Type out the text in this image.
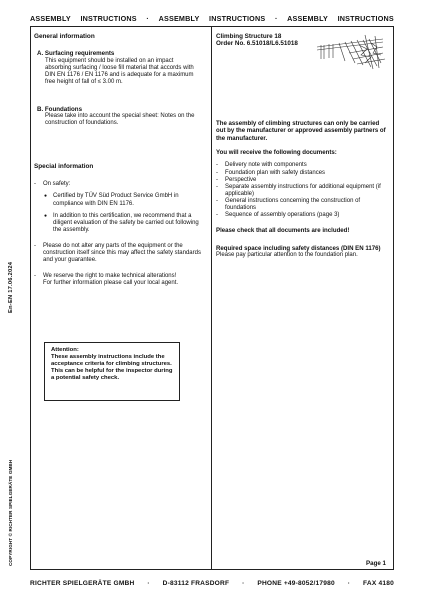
ASSEMBLY INSTRUCTIONS · ASSEMBLY INSTRUCTIONS · ASSEMBLY INSTRUCTIONS
En-EN 17.06.2024
COPYRIGHT © RICHTER SPIELGERÄTE GMBH
General information
A. Surfacing requirements
This equipment should be installed on an impact absorbing surfacing / loose fill material that accords with DIN EN 1176 / EN 1176 and is adequate for a maximum free height of fall of ≤ 3.00 m.
B. Foundations
Please take into account the special sheet: Notes on the construction of foundations.
Special information
-	On safety:
● Certified by TÜV Süd Product Service GmbH in compliance with DIN EN 1176.
● In addition to this certification, we recommend that a diligent evaluation of the safety be carried out following the assembly.
-	Please do not alter any parts of the equipment or the construction itself since this may affect the safety standards and your guarantee.
-	We reserve the right to make technical alterations!
For further information please call your local agent.
Attention:
These assembly instructions include the acceptance criteria for climbing structures.
This can be helpful for the inspector during a potential safety check.
Climbing Structure 18
Order No. 6.51018/L6.51018
The assembly of climbing structures can only be carried out by the manufacturer or approved assembly partners of the manufacturer.
You will receive the following documents:
-	Delivery note with components
-	Foundation plan with safety distances
-	Perspective
-	Separate assembly instructions for additional equipment (if applicable)
-	General instructions concerning the construction of foundations
-	Sequence of assembly operations (page 3)
Please check that all documents are included!
Required space including safety distances (DIN EN 1176)
Please pay particular attention to the foundation plan.
Page 1
RICHTER SPIELGERÄTE GMBH · D-83112 FRASDORF · PHONE +49-8052/17980 · FAX 4180
